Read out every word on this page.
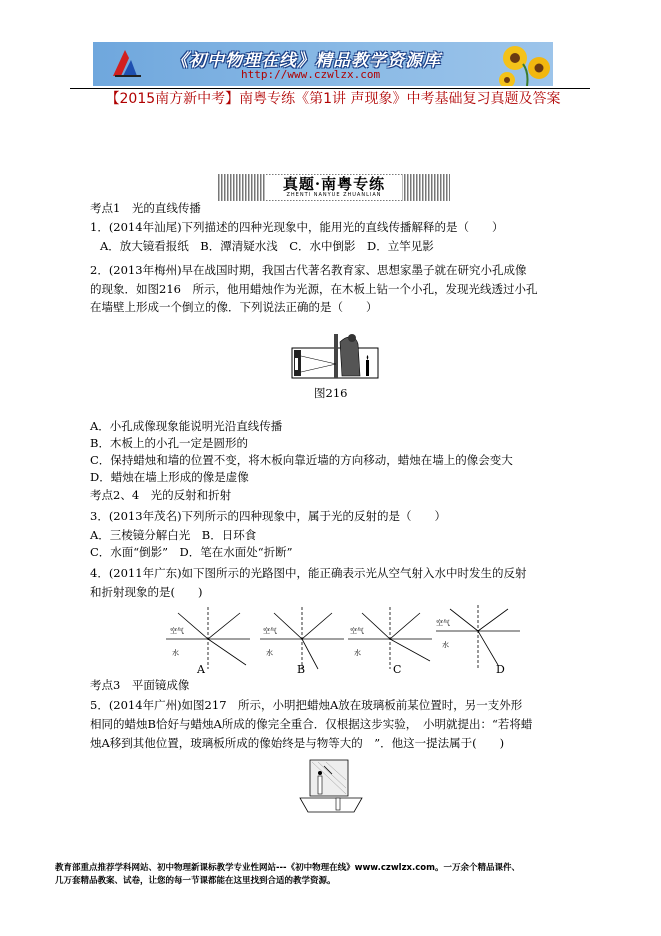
《初中物理在线》精品教学资源库
http://www.czwlzx.com
【2015南方新中考】南粤专练《第1讲 声现象》中考基础复习真题及答案
真题·南粤专练
ZHENTI NANYUE ZHUANLIAN
考点1　光的直线传播
1．(2014年汕尾)下列描述的四种光现象中，能用光的直线传播解释的是（　　）
A．放大镜看报纸　B．潭清疑水浅　C．水中倒影　D．立竿见影
2．(2013年梅州)早在战国时期，我国古代著名教育家、思想家墨子就在研究小孔成像
的现象．如图216　所示，他用蜡烛作为光源，在木板上钻一个小孔，发现光线透过小孔
在墙壁上形成一个倒立的像．下列说法正确的是（　　）
图216
A．小孔成像现象能说明光沿直线传播
B．木板上的小孔一定是圆形的
C．保持蜡烛和墙的位置不变，将木板向靠近墙的方向移动，蜡烛在墙上的像会变大
D．蜡烛在墙上形成的像是虚像
考点2、4　光的反射和折射
3．(2013年茂名)下列所示的四种现象中，属于光的反射的是（　　）
A．三棱镜分解白光　B．日环食
C．水面“倒影”　D．笔在水面处“折断”
4．(2011年广东)如下图所示的光路图中，能正确表示光从空气射入水中时发生的反射
和折射现象的是(　　)
空气
水
A
空气
水
B
空气
水
C
空气
水
D
考点3　平面镜成像
5．(2014年广州)如图217　所示，小明把蜡烛A放在玻璃板前某位置时，另一支外形
相同的蜡烛B恰好与蜡烛A所成的像完全重合．仅根据这步实验，　小明就提出：“若将蜡
烛A移到其他位置，玻璃板所成的像始终是与物等大的　”．他这一提法属于(　　)
教育部重点推荐学科网站、初中物理新课标教学专业性网站---《初中物理在线》www.czwlzx.com。一万余个精品课件、
几万套精品教案、试卷，让您的每一节课都能在这里找到合适的教学资源。
